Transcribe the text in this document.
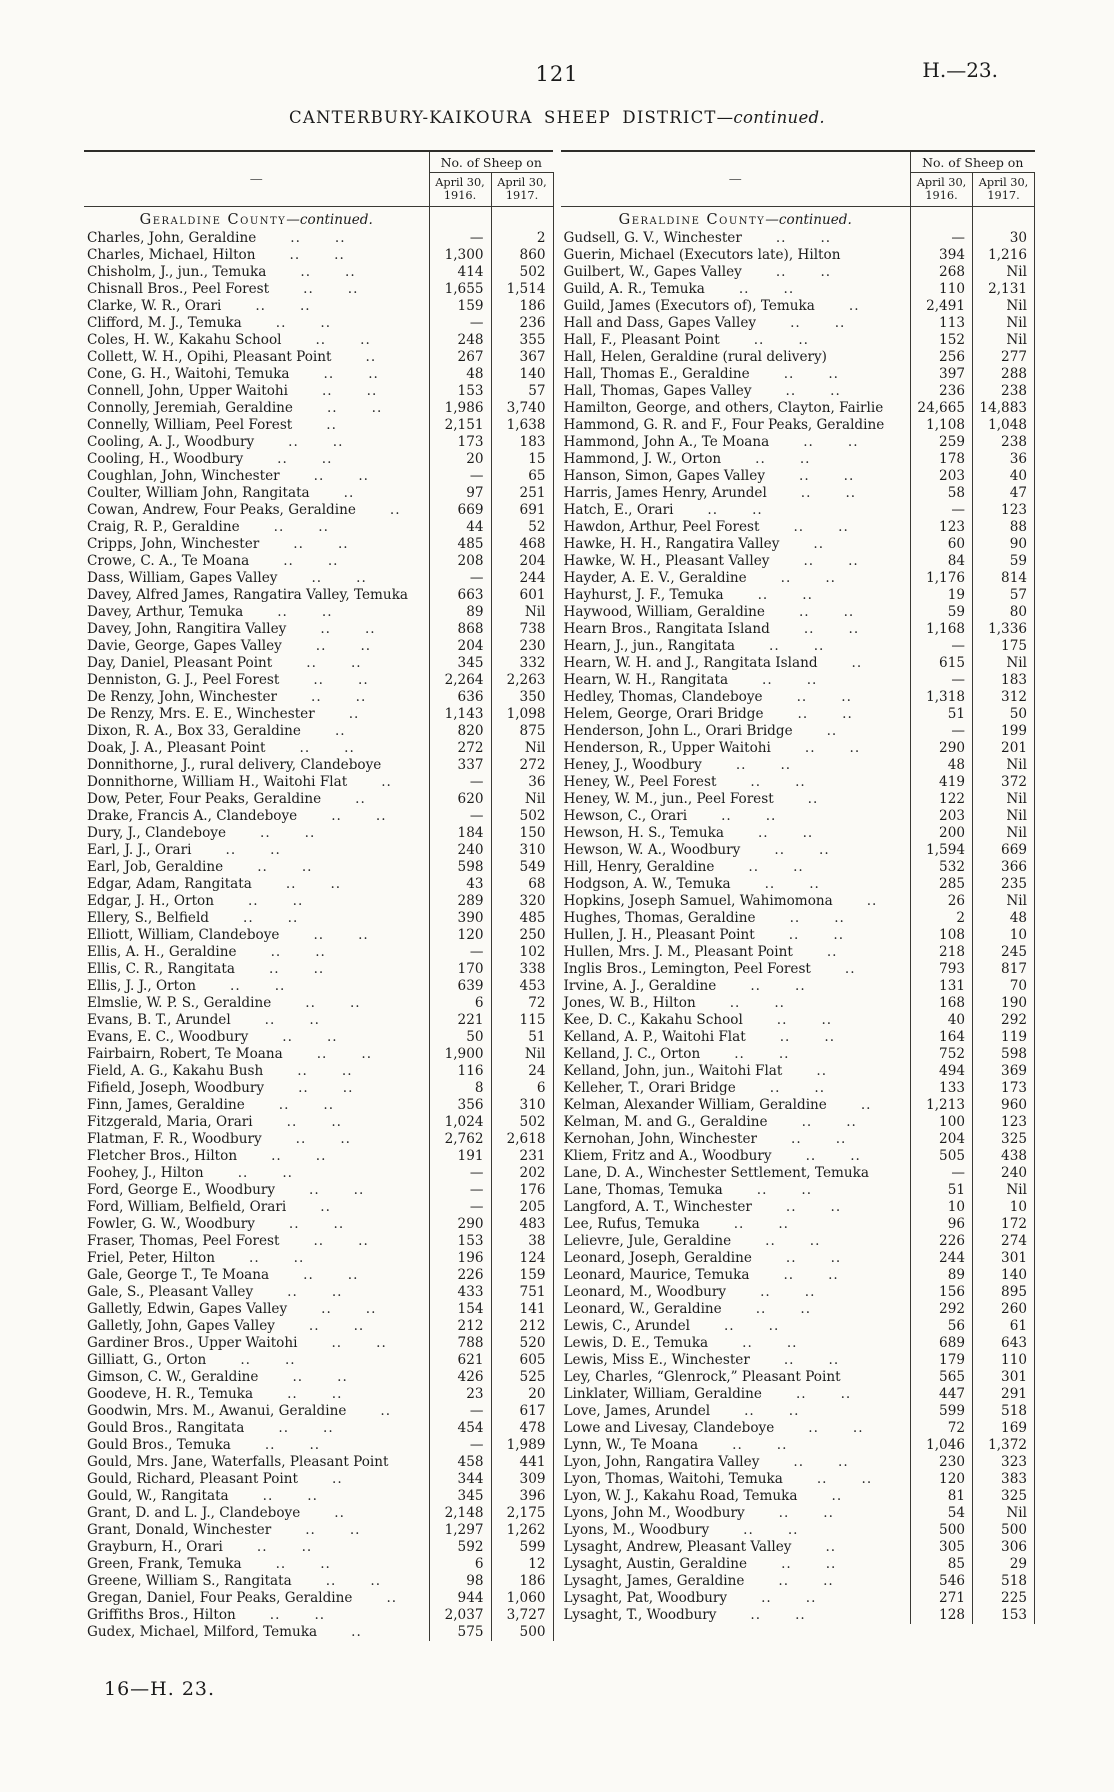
121	H.—23.
CANTERBURY-KAIKOURA SHEEP DISTRICT—continued.
—	No. of Sheep on	
	April 30,
1916.	April 30,
1917.
Geraldine County—continued.		
Charles, John, Geraldine .. ..	—	2
Charles, Michael, Hilton .. ..	1,300	860
Chisholm, J., jun., Temuka .. ..	414	502
Chisnall Bros., Peel Forest .. ..	1,655	1,514
Clarke, W. R., Orari .. ..	159	186
Clifford, M. J., Temuka .. ..	—	236
Coles, H. W., Kakahu School .. ..	248	355
Collett, W. H., Opihi, Pleasant Point ..	267	367
Cone, G. H., Waitohi, Temuka .. ..	48	140
Connell, John, Upper Waitohi .. ..	153	57
Connolly, Jeremiah, Geraldine .. ..	1,986	3,740
Connelly, William, Peel Forest ..	2,151	1,638
Cooling, A. J., Woodbury .. ..	173	183
Cooling, H., Woodbury .. ..	20	15
Coughlan, John, Winchester .. ..	—	65
Coulter, William John, Rangitata ..	97	251
Cowan, Andrew, Four Peaks, Geraldine ..	669	691
Craig, R. P., Geraldine .. ..	44	52
Cripps, John, Winchester .. ..	485	468
Crowe, C. A., Te Moana .. ..	208	204
Dass, William, Gapes Valley .. ..	—	244
Davey, Alfred James, Rangatira Valley, Temuka	663	601
Davey, Arthur, Temuka .. ..	89	Nil
Davey, John, Rangitira Valley .. ..	868	738
Davie, George, Gapes Valley .. ..	204	230
Day, Daniel, Pleasant Point .. ..	345	332
Denniston, G. J., Peel Forest .. ..	2,264	2,263
De Renzy, John, Winchester .. ..	636	350
De Renzy, Mrs. E. E., Winchester ..	1,143	1,098
Dixon, R. A., Box 33, Geraldine ..	820	875
Doak, J. A., Pleasant Point .. ..	272	Nil
Donnithorne, J., rural delivery, Clandeboye	337	272
Donnithorne, William H., Waitohi Flat ..	—	36
Dow, Peter, Four Peaks, Geraldine ..	620	Nil
Drake, Francis A., Clandeboye .. ..	—	502
Dury, J., Clandeboye .. ..	184	150
Earl, J. J., Orari .. ..	240	310
Earl, Job, Geraldine .. ..	598	549
Edgar, Adam, Rangitata .. ..	43	68
Edgar, J. H., Orton .. ..	289	320
Ellery, S., Belfield .. ..	390	485
Elliott, William, Clandeboye .. ..	120	250
Ellis, A. H., Geraldine .. ..	—	102
Ellis, C. R., Rangitata .. ..	170	338
Ellis, J. J., Orton .. ..	639	453
Elmslie, W. P. S., Geraldine .. ..	6	72
Evans, B. T., Arundel .. ..	221	115
Evans, E. C., Woodbury .. ..	50	51
Fairbairn, Robert, Te Moana .. ..	1,900	Nil
Field, A. G., Kakahu Bush .. ..	116	24
Fifield, Joseph, Woodbury .. ..	8	6
Finn, James, Geraldine .. ..	356	310
Fitzgerald, Maria, Orari .. ..	1,024	502
Flatman, F. R., Woodbury .. ..	2,762	2,618
Fletcher Bros., Hilton .. ..	191	231
Foohey, J., Hilton .. ..	—	202
Ford, George E., Woodbury .. ..	—	176
Ford, William, Belfield, Orari ..	—	205
Fowler, G. W., Woodbury .. ..	290	483
Fraser, Thomas, Peel Forest .. ..	153	38
Friel, Peter, Hilton .. ..	196	124
Gale, George T., Te Moana .. ..	226	159
Gale, S., Pleasant Valley .. ..	433	751
Galletly, Edwin, Gapes Valley .. ..	154	141
Galletly, John, Gapes Valley .. ..	212	212
Gardiner Bros., Upper Waitohi .. ..	788	520
Gilliatt, G., Orton .. ..	621	605
Gimson, C. W., Geraldine .. ..	426	525
Goodeve, H. R., Temuka .. ..	23	20
Goodwin, Mrs. M., Awanui, Geraldine ..	—	617
Gould Bros., Rangitata .. ..	454	478
Gould Bros., Temuka .. ..	—	1,989
Gould, Mrs. Jane, Waterfalls, Pleasant Point	458	441
Gould, Richard, Pleasant Point ..	344	309
Gould, W., Rangitata .. ..	345	396
Grant, D. and L. J., Clandeboye ..	2,148	2,175
Grant, Donald, Winchester .. ..	1,297	1,262
Grayburn, H., Orari .. ..	592	599
Green, Frank, Temuka .. ..	6	12
Greene, William S., Rangitata .. ..	98	186
Gregan, Daniel, Four Peaks, Geraldine ..	944	1,060
Griffiths Bros., Hilton .. ..	2,037	3,727
Gudex, Michael, Milford, Temuka ..	575	500
—	No. of Sheep on	
	April 30,
1916.	April 30,
1917.
Geraldine County—continued.		
Gudsell, G. V., Winchester .. ..	—	30
Guerin, Michael (Executors late), Hilton	394	1,216
Guilbert, W., Gapes Valley .. ..	268	Nil
Guild, A. R., Temuka .. ..	110	2,131
Guild, James (Executors of), Temuka ..	2,491	Nil
Hall and Dass, Gapes Valley .. ..	113	Nil
Hall, F., Pleasant Point .. ..	152	Nil
Hall, Helen, Geraldine (rural delivery)	256	277
Hall, Thomas E., Geraldine .. ..	397	288
Hall, Thomas, Gapes Valley .. ..	236	238
Hamilton, George, and others, Clayton, Fairlie	24,665	14,883
Hammond, G. R. and F., Four Peaks, Geraldine	1,108	1,048
Hammond, John A., Te Moana .. ..	259	238
Hammond, J. W., Orton .. ..	178	36
Hanson, Simon, Gapes Valley .. ..	203	40
Harris, James Henry, Arundel .. ..	58	47
Hatch, E., Orari .. ..	—	123
Hawdon, Arthur, Peel Forest .. ..	123	88
Hawke, H. H., Rangatira Valley ..	60	90
Hawke, W. H., Pleasant Valley .. ..	84	59
Hayder, A. E. V., Geraldine .. ..	1,176	814
Hayhurst, J. F., Temuka .. ..	19	57
Haywood, William, Geraldine .. ..	59	80
Hearn Bros., Rangitata Island .. ..	1,168	1,336
Hearn, J., jun., Rangitata .. ..	—	175
Hearn, W. H. and J., Rangitata Island ..	615	Nil
Hearn, W. H., Rangitata .. ..	—	183
Hedley, Thomas, Clandeboye .. ..	1,318	312
Helem, George, Orari Bridge .. ..	51	50
Henderson, John L., Orari Bridge ..	—	199
Henderson, R., Upper Waitohi .. ..	290	201
Heney, J., Woodbury .. ..	48	Nil
Heney, W., Peel Forest .. ..	419	372
Heney, W. M., jun., Peel Forest ..	122	Nil
Hewson, C., Orari .. ..	203	Nil
Hewson, H. S., Temuka .. ..	200	Nil
Hewson, W. A., Woodbury .. ..	1,594	669
Hill, Henry, Geraldine .. ..	532	366
Hodgson, A. W., Temuka .. ..	285	235
Hopkins, Joseph Samuel, Wahimomona ..	26	Nil
Hughes, Thomas, Geraldine .. ..	2	48
Hullen, J. H., Pleasant Point .. ..	108	10
Hullen, Mrs. J. M., Pleasant Point ..	218	245
Inglis Bros., Lemington, Peel Forest ..	793	817
Irvine, A. J., Geraldine .. ..	131	70
Jones, W. B., Hilton .. ..	168	190
Kee, D. C., Kakahu School .. ..	40	292
Kelland, A. P., Waitohi Flat .. ..	164	119
Kelland, J. C., Orton .. ..	752	598
Kelland, John, jun., Waitohi Flat ..	494	369
Kelleher, T., Orari Bridge .. ..	133	173
Kelman, Alexander William, Geraldine ..	1,213	960
Kelman, M. and G., Geraldine .. ..	100	123
Kernohan, John, Winchester .. ..	204	325
Kliem, Fritz and A., Woodbury .. ..	505	438
Lane, D. A., Winchester Settlement, Temuka	—	240
Lane, Thomas, Temuka .. ..	51	Nil
Langford, A. T., Winchester .. ..	10	10
Lee, Rufus, Temuka .. ..	96	172
Lelievre, Jule, Geraldine .. ..	226	274
Leonard, Joseph, Geraldine .. ..	244	301
Leonard, Maurice, Temuka .. ..	89	140
Leonard, M., Woodbury .. ..	156	895
Leonard, W., Geraldine .. ..	292	260
Lewis, C., Arundel .. ..	56	61
Lewis, D. E., Temuka .. ..	689	643
Lewis, Miss E., Winchester .. ..	179	110
Ley, Charles, “Glenrock,” Pleasant Point	565	301
Linklater, William, Geraldine .. ..	447	291
Love, James, Arundel .. ..	599	518
Lowe and Livesay, Clandeboye .. ..	72	169
Lynn, W., Te Moana .. ..	1,046	1,372
Lyon, John, Rangatira Valley .. ..	230	323
Lyon, Thomas, Waitohi, Temuka .. ..	120	383
Lyon, W. J., Kakahu Road, Temuka ..	81	325
Lyons, John M., Woodbury .. ..	54	Nil
Lyons, M., Woodbury .. ..	500	500
Lysaght, Andrew, Pleasant Valley ..	305	306
Lysaght, Austin, Geraldine .. ..	85	29
Lysaght, James, Geraldine .. ..	546	518
Lysaght, Pat, Woodbury .. ..	271	225
Lysaght, T., Woodbury .. ..	128	153
16—H. 23.
